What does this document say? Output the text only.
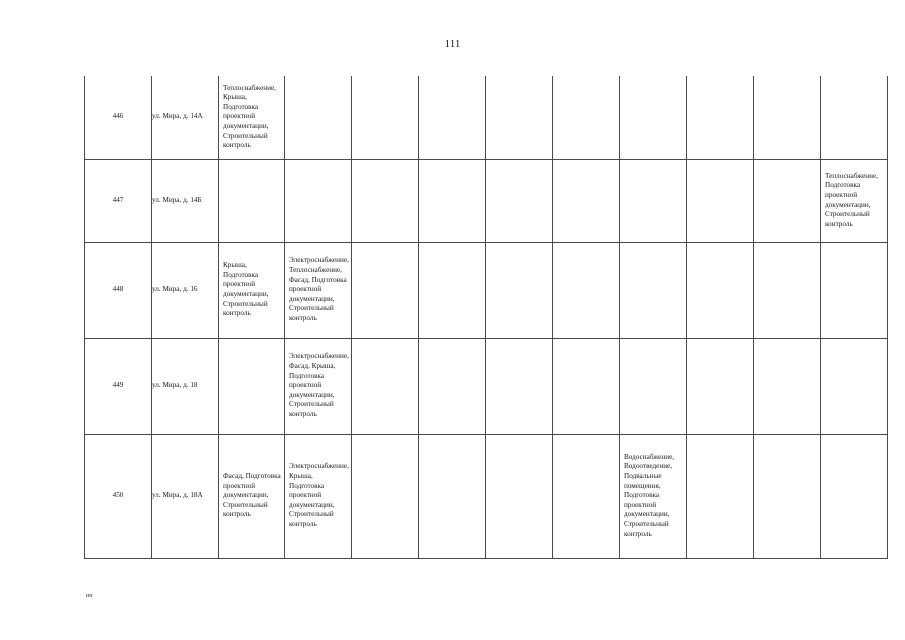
111
446	ул. Мира, д. 14А	Теплоснабжение, Крыша, Подготовка проектной документации, Строительный контроль									

447	ул. Мира, д. 14Б										Теплоснабжение, Подготовка проектной документации, Строительный контроль

448	ул. Мира, д. 16	Крыша, Подготовка проектной документации, Строительный контроль	Электроснабжение, Теплоснабжение, Фасад, Подготовка проектной документации, Строительный контроль								

449	ул. Мира, д. 18		Электроснабжение, Фасад, Крыша, Подготовка проектной документации, Строительный контроль								

450	ул. Мира, д. 18А	Фасад, Подготовка проектной документации, Строительный контроль	Электроснабжение, Крыша, Подготовка проектной документации, Строительный контроль					Водоснабжение, Водоотведение, Подвальные помещения, Подготовка проектной документации, Строительный контроль			

ин
